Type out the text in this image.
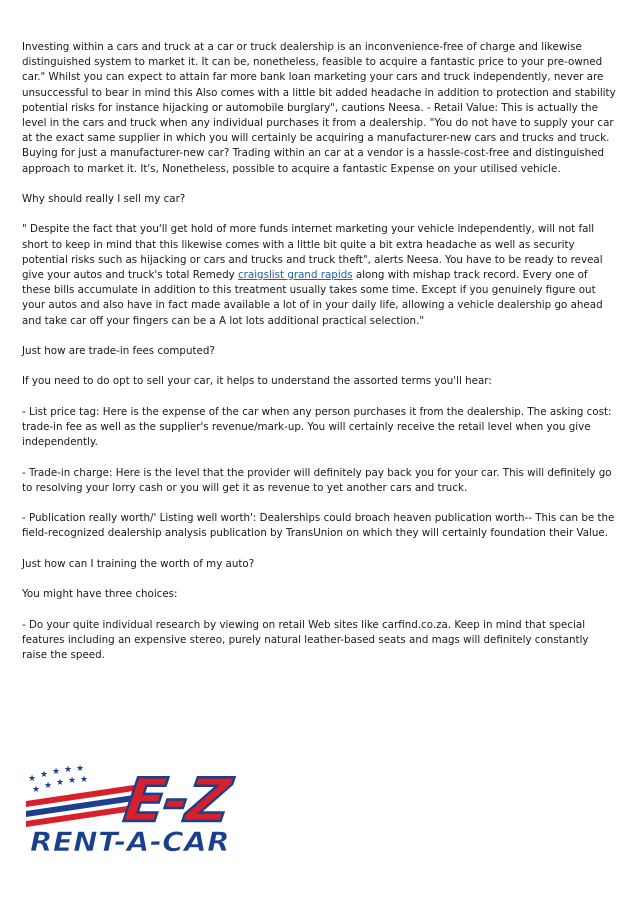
Investing within a cars and truck at a car or truck dealership is an inconvenience-free of charge and likewise distinguished system to market it. It can be, nonetheless, feasible to acquire a fantastic price to your pre-owned car." Whilst you can expect to attain far more bank loan marketing your cars and truck independently, never are unsuccessful to bear in mind this Also comes with a little bit added headache in addition to protection and stability potential risks for instance hijacking or automobile burglary", cautions Neesa. - Retail Value: This is actually the level in the cars and truck when any individual purchases it from a dealership. "You do not have to supply your car at the exact same supplier in which you will certainly be acquiring a manufacturer-new cars and trucks and truck. Buying for just a manufacturer-new car? Trading within an car at a vendor is a hassle-cost-free and distinguished approach to market it. It's, Nonetheless, possible to acquire a fantastic Expense on your utilised vehicle.

Why should really I sell my car?

" Despite the fact that you'll get hold of more funds internet marketing your vehicle independently, will not fall short to keep in mind that this likewise comes with a little bit quite a bit extra headache as well as security potential risks such as hijacking or cars and trucks and truck theft", alerts Neesa. You have to be ready to reveal give your autos and truck's total Remedy craigslist grand rapids along with mishap track record. Every one of these bills accumulate in addition to this treatment usually takes some time. Except if you genuinely figure out your autos and also have in fact made available a lot of in your daily life, allowing a vehicle dealership go ahead and take car off your fingers can be a A lot lots additional practical selection."

Just how are trade-in fees computed?

If you need to do opt to sell your car, it helps to understand the assorted terms you'll hear:

- List price tag: Here is the expense of the car when any person purchases it from the dealership. The asking cost: trade-in fee as well as the supplier's revenue/mark-up. You will certainly receive the retail level when you give independently.

- Trade-in charge: Here is the level that the provider will definitely pay back you for your car. This will definitely go to resolving your lorry cash or you will get it as revenue to yet another cars and truck.

- Publication really worth/' Listing well worth': Dealerships could broach heaven publication worth-- This can be the field-recognized dealership analysis publication by TransUnion on which they will certainly foundation their Value.

Just how can I training the worth of my auto?

You might have three choices:

- Do your quite individual research by viewing on retail Web sites like carfind.co.za. Keep in mind that special features including an expensive stereo, purely natural leather-based seats and mags will definitely constantly raise the speed.

★ ★ ★ ★ ★
★ ★ ★ ★ ★ E-Z
RENT-A-CAR
